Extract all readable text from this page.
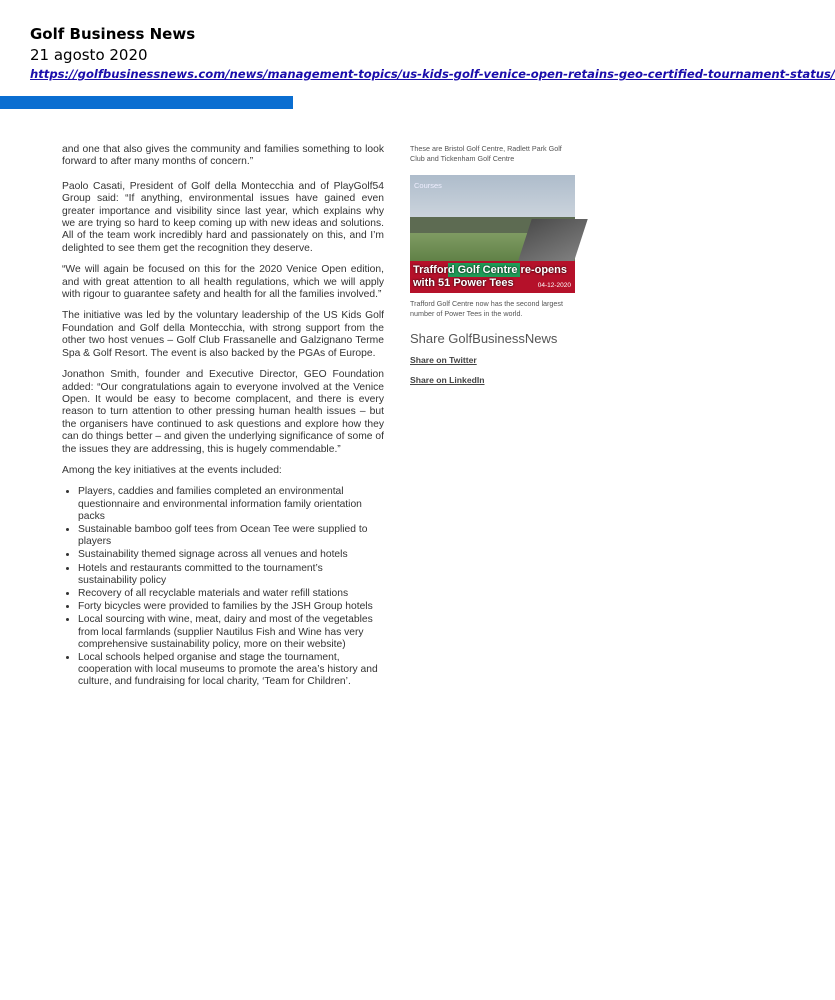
Golf Business News
21 agosto 2020
https://golfbusinessnews.com/news/management-topics/us-kids-golf-venice-open-retains-geo-certified-tournament-status/

and one that also gives the community and families something to look forward to after many months of concern.”

Paolo Casati, President of Golf della Montecchia and of PlayGolf54 Group said: “If anything, environmental issues have gained even greater importance and visibility since last year, which explains why we are trying so hard to keep coming up with new ideas and solutions. All of the team work incredibly hard and passionately on this, and I’m delighted to see them get the recognition they deserve.

“We will again be focused on this for the 2020 Venice Open edition, and with great attention to all health regulations, which we will apply with rigour to guarantee safety and health for all the families involved.”

The initiative was led by the voluntary leadership of the US Kids Golf Foundation and Golf della Montecchia, with strong support from the other two host venues – Golf Club Frassanelle and Galzignano Terme Spa & Golf Resort. The event is also backed by the PGAs of Europe.

Jonathon Smith, founder and Executive Director, GEO Foundation added: “Our congratulations again to everyone involved at the Venice Open. It would be easy to become complacent, and there is every reason to turn attention to other pressing human health issues – but the organisers have continued to ask questions and explore how they can do things better – and given the underlying significance of some of the issues they are addressing, this is hugely commendable.”

Among the key initiatives at the events included:

• Players, caddies and families completed an environmental questionnaire and environmental information family orientation packs
• Sustainable bamboo golf tees from Ocean Tee were supplied to players
• Sustainability themed signage across all venues and hotels
• Hotels and restaurants committed to the tournament’s sustainability policy
• Recovery of all recyclable materials and water refill stations
• Forty bicycles were provided to families by the JSH Group hotels
• Local sourcing with wine, meat, dairy and most of the vegetables from local farmlands (supplier Nautilus Fish and Wine has very comprehensive sustainability policy, more on their website)
• Local schools helped organise and stage the tournament, cooperation with local museums to promote the area’s history and culture, and fundraising for local charity, ‘Team for Children’.
These are Bristol Golf Centre, Radlett Park Golf Club and Tickenham Golf Centre
Courses
Trafford Golf Centre re-opens with 51 Power Tees	04-12-2020
Trafford Golf Centre now has the second largest number of Power Tees in the world.
Share GolfBusinessNews
Share on Twitter
Share on LinkedIn
